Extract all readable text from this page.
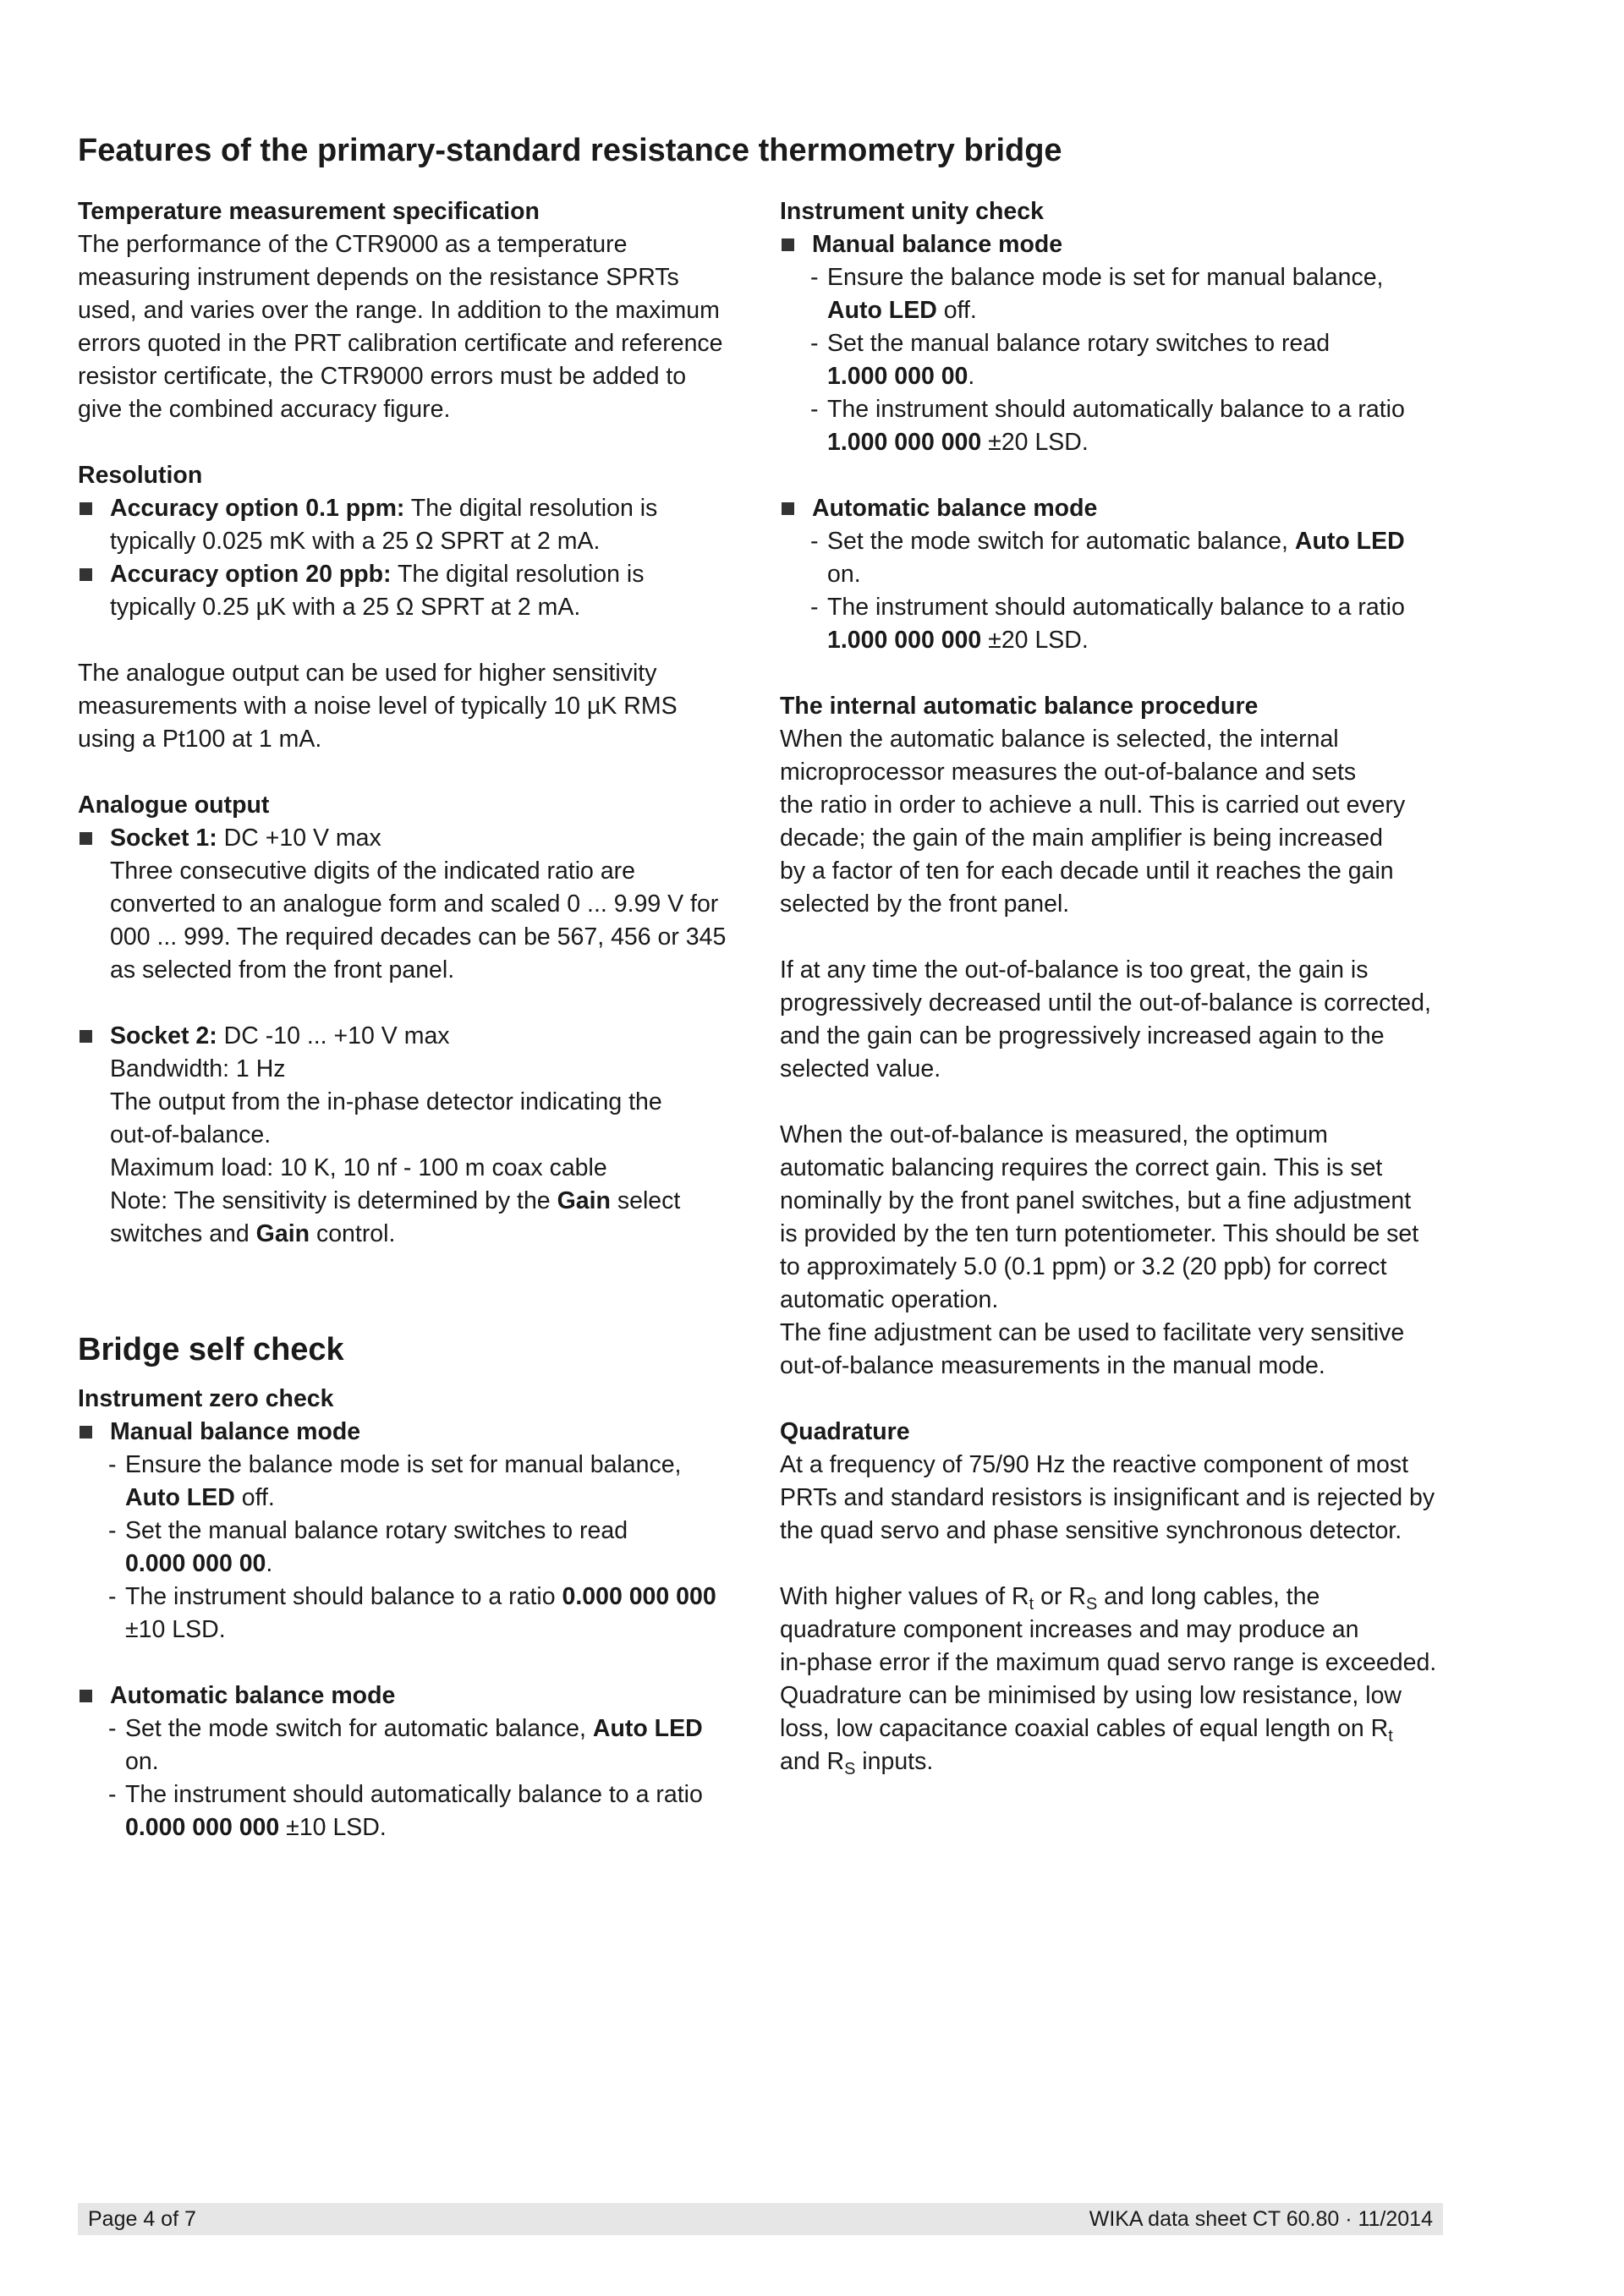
Features of the primary-standard resistance thermometry bridge

Temperature measurement specification

The performance of the CTR9000 as a temperature

measuring instrument depends on the resistance SPRTs

used, and varies over the range. In addition to the maximum

errors quoted in the PRT calibration certificate and reference

resistor certificate, the CTR9000 errors must be added to

give the combined accuracy figure.

Resolution

Accuracy option 0.1 ppm: The digital resolution is

typically 0.025 mK with a 25 Ω SPRT at 2 mA.

Accuracy option 20 ppb: The digital resolution is

typically 0.25 µK with a 25 Ω SPRT at 2 mA.

The analogue output can be used for higher sensitivity

measurements with a noise level of typically 10 µK RMS

using a Pt100 at 1 mA.

Analogue output

Socket 1: DC +10 V max

Three consecutive digits of the indicated ratio are

converted to an analogue form and scaled 0 ... 9.99 V for

000 ... 999. The required decades can be 567, 456 or 345

as selected from the front panel.

Socket 2: DC -10 ... +10 V max

Bandwidth: 1 Hz

The output from the in-phase detector indicating the

out-of-balance.

Maximum load: 10 K, 10 nf - 100 m coax cable

Note: The sensitivity is determined by the Gain select

switches and Gain control.

Bridge self check

Instrument zero check

Manual balance mode

- Ensure the balance mode is set for manual balance,

Auto LED off.

- Set the manual balance rotary switches to read

0.000 000 00.

- The instrument should balance to a ratio 0.000 000 000

±10 LSD.

Automatic balance mode

- Set the mode switch for automatic balance, Auto LED

on.

- The instrument should automatically balance to a ratio

0.000 000 000 ±10 LSD.

Instrument unity check

Manual balance mode

- Ensure the balance mode is set for manual balance,

Auto LED off.

- Set the manual balance rotary switches to read

1.000 000 00.

- The instrument should automatically balance to a ratio

1.000 000 000 ±20 LSD.

Automatic balance mode

- Set the mode switch for automatic balance, Auto LED

on.

- The instrument should automatically balance to a ratio

1.000 000 000 ±20 LSD.

The internal automatic balance procedure

When the automatic balance is selected, the internal

microprocessor measures the out-of-balance and sets

the ratio in order to achieve a null. This is carried out every

decade; the gain of the main amplifier is being increased

by a factor of ten for each decade until it reaches the gain

selected by the front panel.

If at any time the out-of-balance is too great, the gain is

progressively decreased until the out-of-balance is corrected,

and the gain can be progressively increased again to the

selected value.

When the out-of-balance is measured, the optimum

automatic balancing requires the correct gain. This is set

nominally by the front panel switches, but a fine adjustment

is provided by the ten turn potentiometer. This should be set

to approximately 5.0 (0.1 ppm) or 3.2 (20 ppb) for correct

automatic operation.

The fine adjustment can be used to facilitate very sensitive

out-of-balance measurements in the manual mode.

Quadrature

At a frequency of 75/90 Hz the reactive component of most

PRTs and standard resistors is insignificant and is rejected by

the quad servo and phase sensitive synchronous detector.

With higher values of $R_t$ or $R_S$ and long cables, the

quadrature component increases and may produce an

in-phase error if the maximum quad servo range is exceeded.

Quadrature can be minimised by using low resistance, low

loss, low capacitance coaxial cables of equal length on $R_t$

and $R_S$ inputs.

Page 4 of 7	WIKA data sheet CT 60.80 · 11/2014
